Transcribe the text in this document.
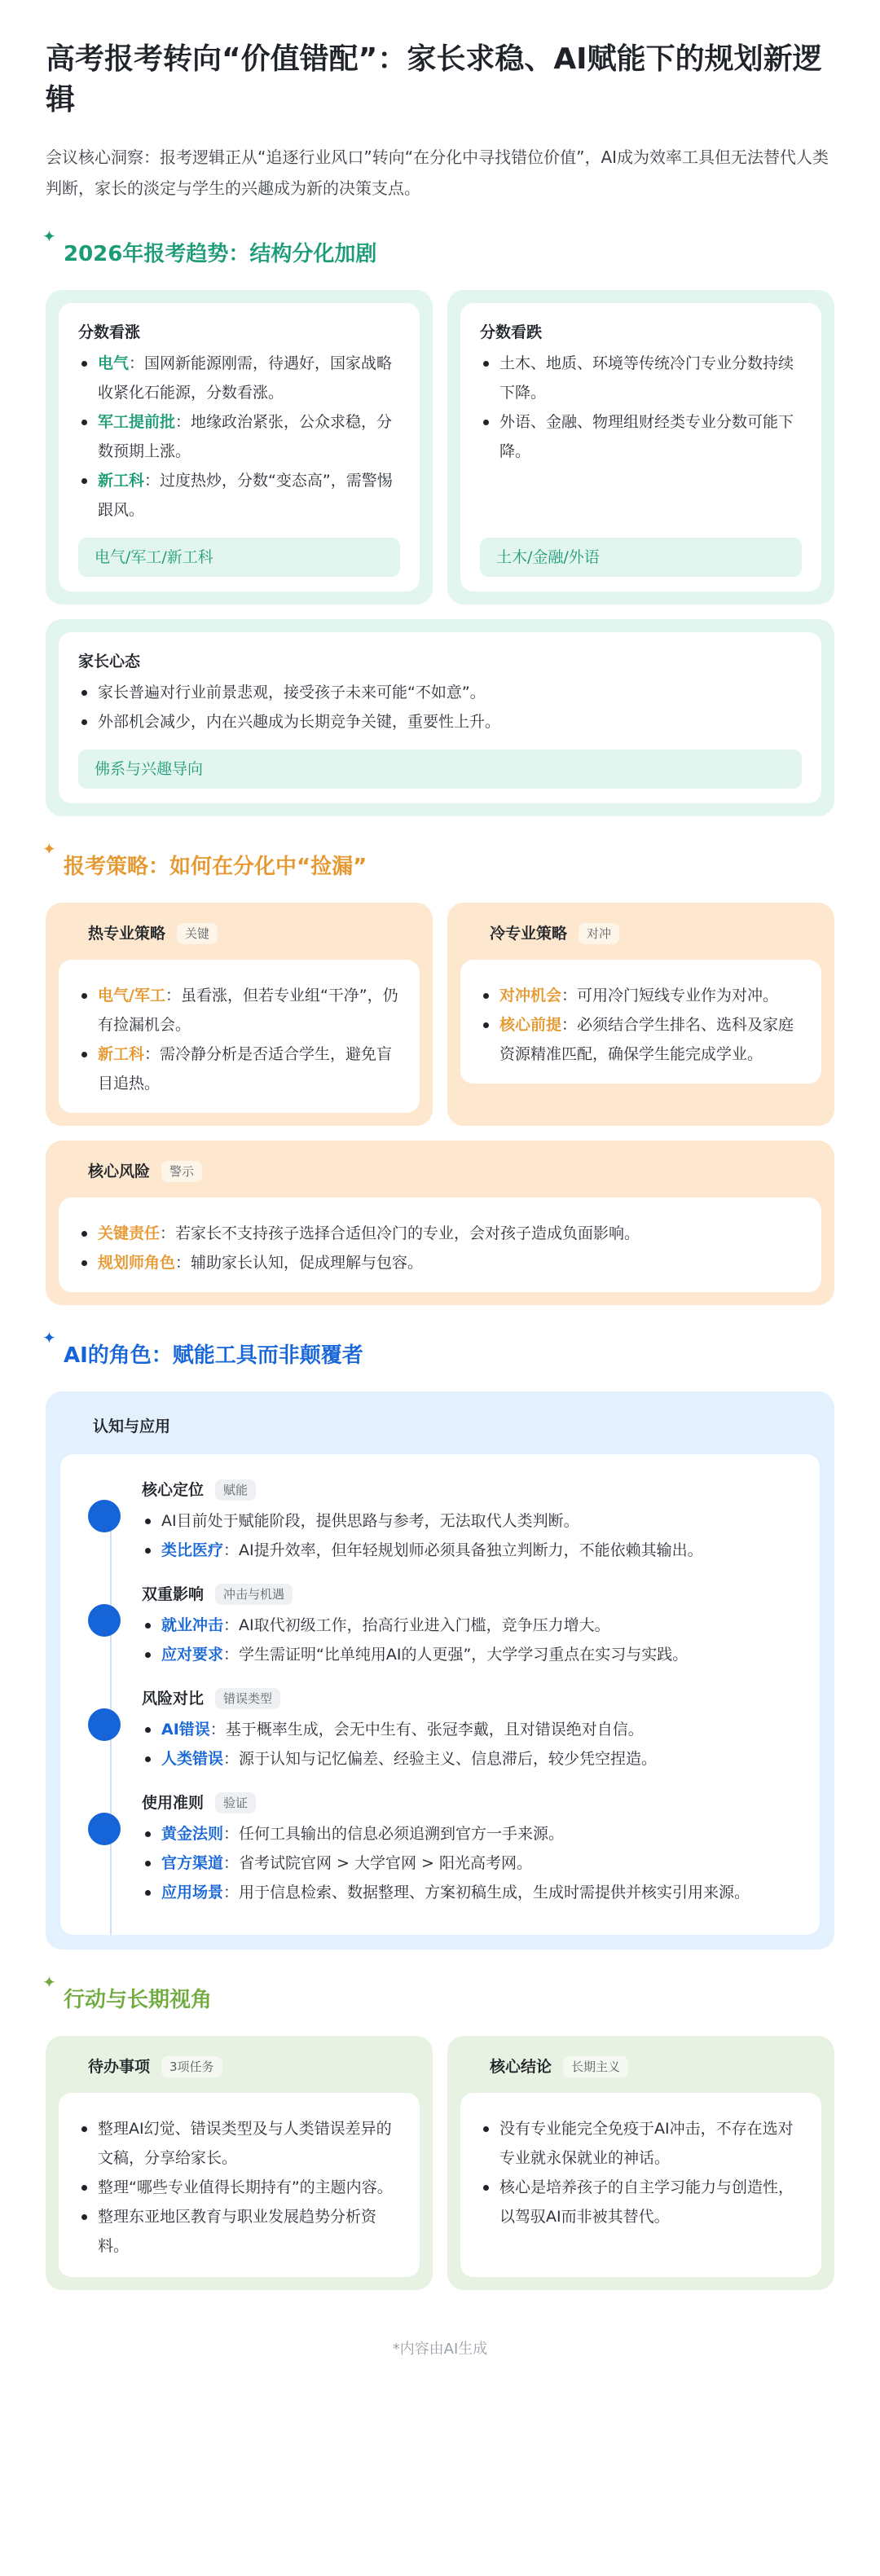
高考报考转向“价值错配”：家长求稳、AI赋能下的规划新逻辑

会议核心洞察：报考逻辑正从“追逐行业风口”转向“在分化中寻找错位价值”，AI成为效率工具但无法替代人类判断，家长的淡定与学生的兴趣成为新的决策支点。

✦
2026年报考趋势：结构分化加剧
分数看涨
电气：国网新能源刚需，待遇好，国家战略收紧化石能源，分数看涨。
军工提前批：地缘政治紧张，公众求稳，分数预期上涨。
新工科：过度热炒，分数“变态高”，需警惕跟风。
电气/军工/新工科
分数看跌
土木、地质、环境等传统冷门专业分数持续下降。
外语、金融、物理组财经类专业分数可能下降。
土木/金融/外语
家长心态
家长普遍对行业前景悲观，接受孩子未来可能“不如意”。
外部机会减少，内在兴趣成为长期竞争关键，重要性上升。
佛系与兴趣导向
✦
报考策略：如何在分化中“捡漏”
热专业策略	关键
电气/军工：虽看涨，但若专业组“干净”，仍有捡漏机会。
新工科：需冷静分析是否适合学生，避免盲目追热。
冷专业策略	对冲
对冲机会：可用冷门短线专业作为对冲。
核心前提：必须结合学生排名、选科及家庭资源精准匹配，确保学生能完成学业。
核心风险	警示
关键责任：若家长不支持孩子选择合适但冷门的专业，会对孩子造成负面影响。
规划师角色：辅助家长认知，促成理解与包容。
✦
AI的角色：赋能工具而非颠覆者
认知与应用
核心定位	赋能
AI目前处于赋能阶段，提供思路与参考，无法取代人类判断。
类比医疗：AI提升效率，但年轻规划师必须具备独立判断力，不能依赖其输出。
双重影响	冲击与机遇
就业冲击：AI取代初级工作，抬高行业进入门槛，竞争压力增大。
应对要求：学生需证明“比单纯用AI的人更强”，大学学习重点在实习与实践。
风险对比	错误类型
AI错误：基于概率生成，会无中生有、张冠李戴，且对错误绝对自信。
人类错误：源于认知与记忆偏差、经验主义、信息滞后，较少凭空捏造。
使用准则	验证
黄金法则：任何工具输出的信息必须追溯到官方一手来源。
官方渠道：省考试院官网 > 大学官网 > 阳光高考网。
应用场景：用于信息检索、数据整理、方案初稿生成，生成时需提供并核实引用来源。
✦
行动与长期视角
待办事项	3项任务
整理AI幻觉、错误类型及与人类错误差异的文稿，分享给家长。
整理“哪些专业值得长期持有”的主题内容。
整理东亚地区教育与职业发展趋势分析资料。
核心结论	长期主义
没有专业能完全免疫于AI冲击，不存在选对专业就永保就业的神话。
核心是培养孩子的自主学习能力与创造性，以驾驭AI而非被其替代。
*内容由AI生成
